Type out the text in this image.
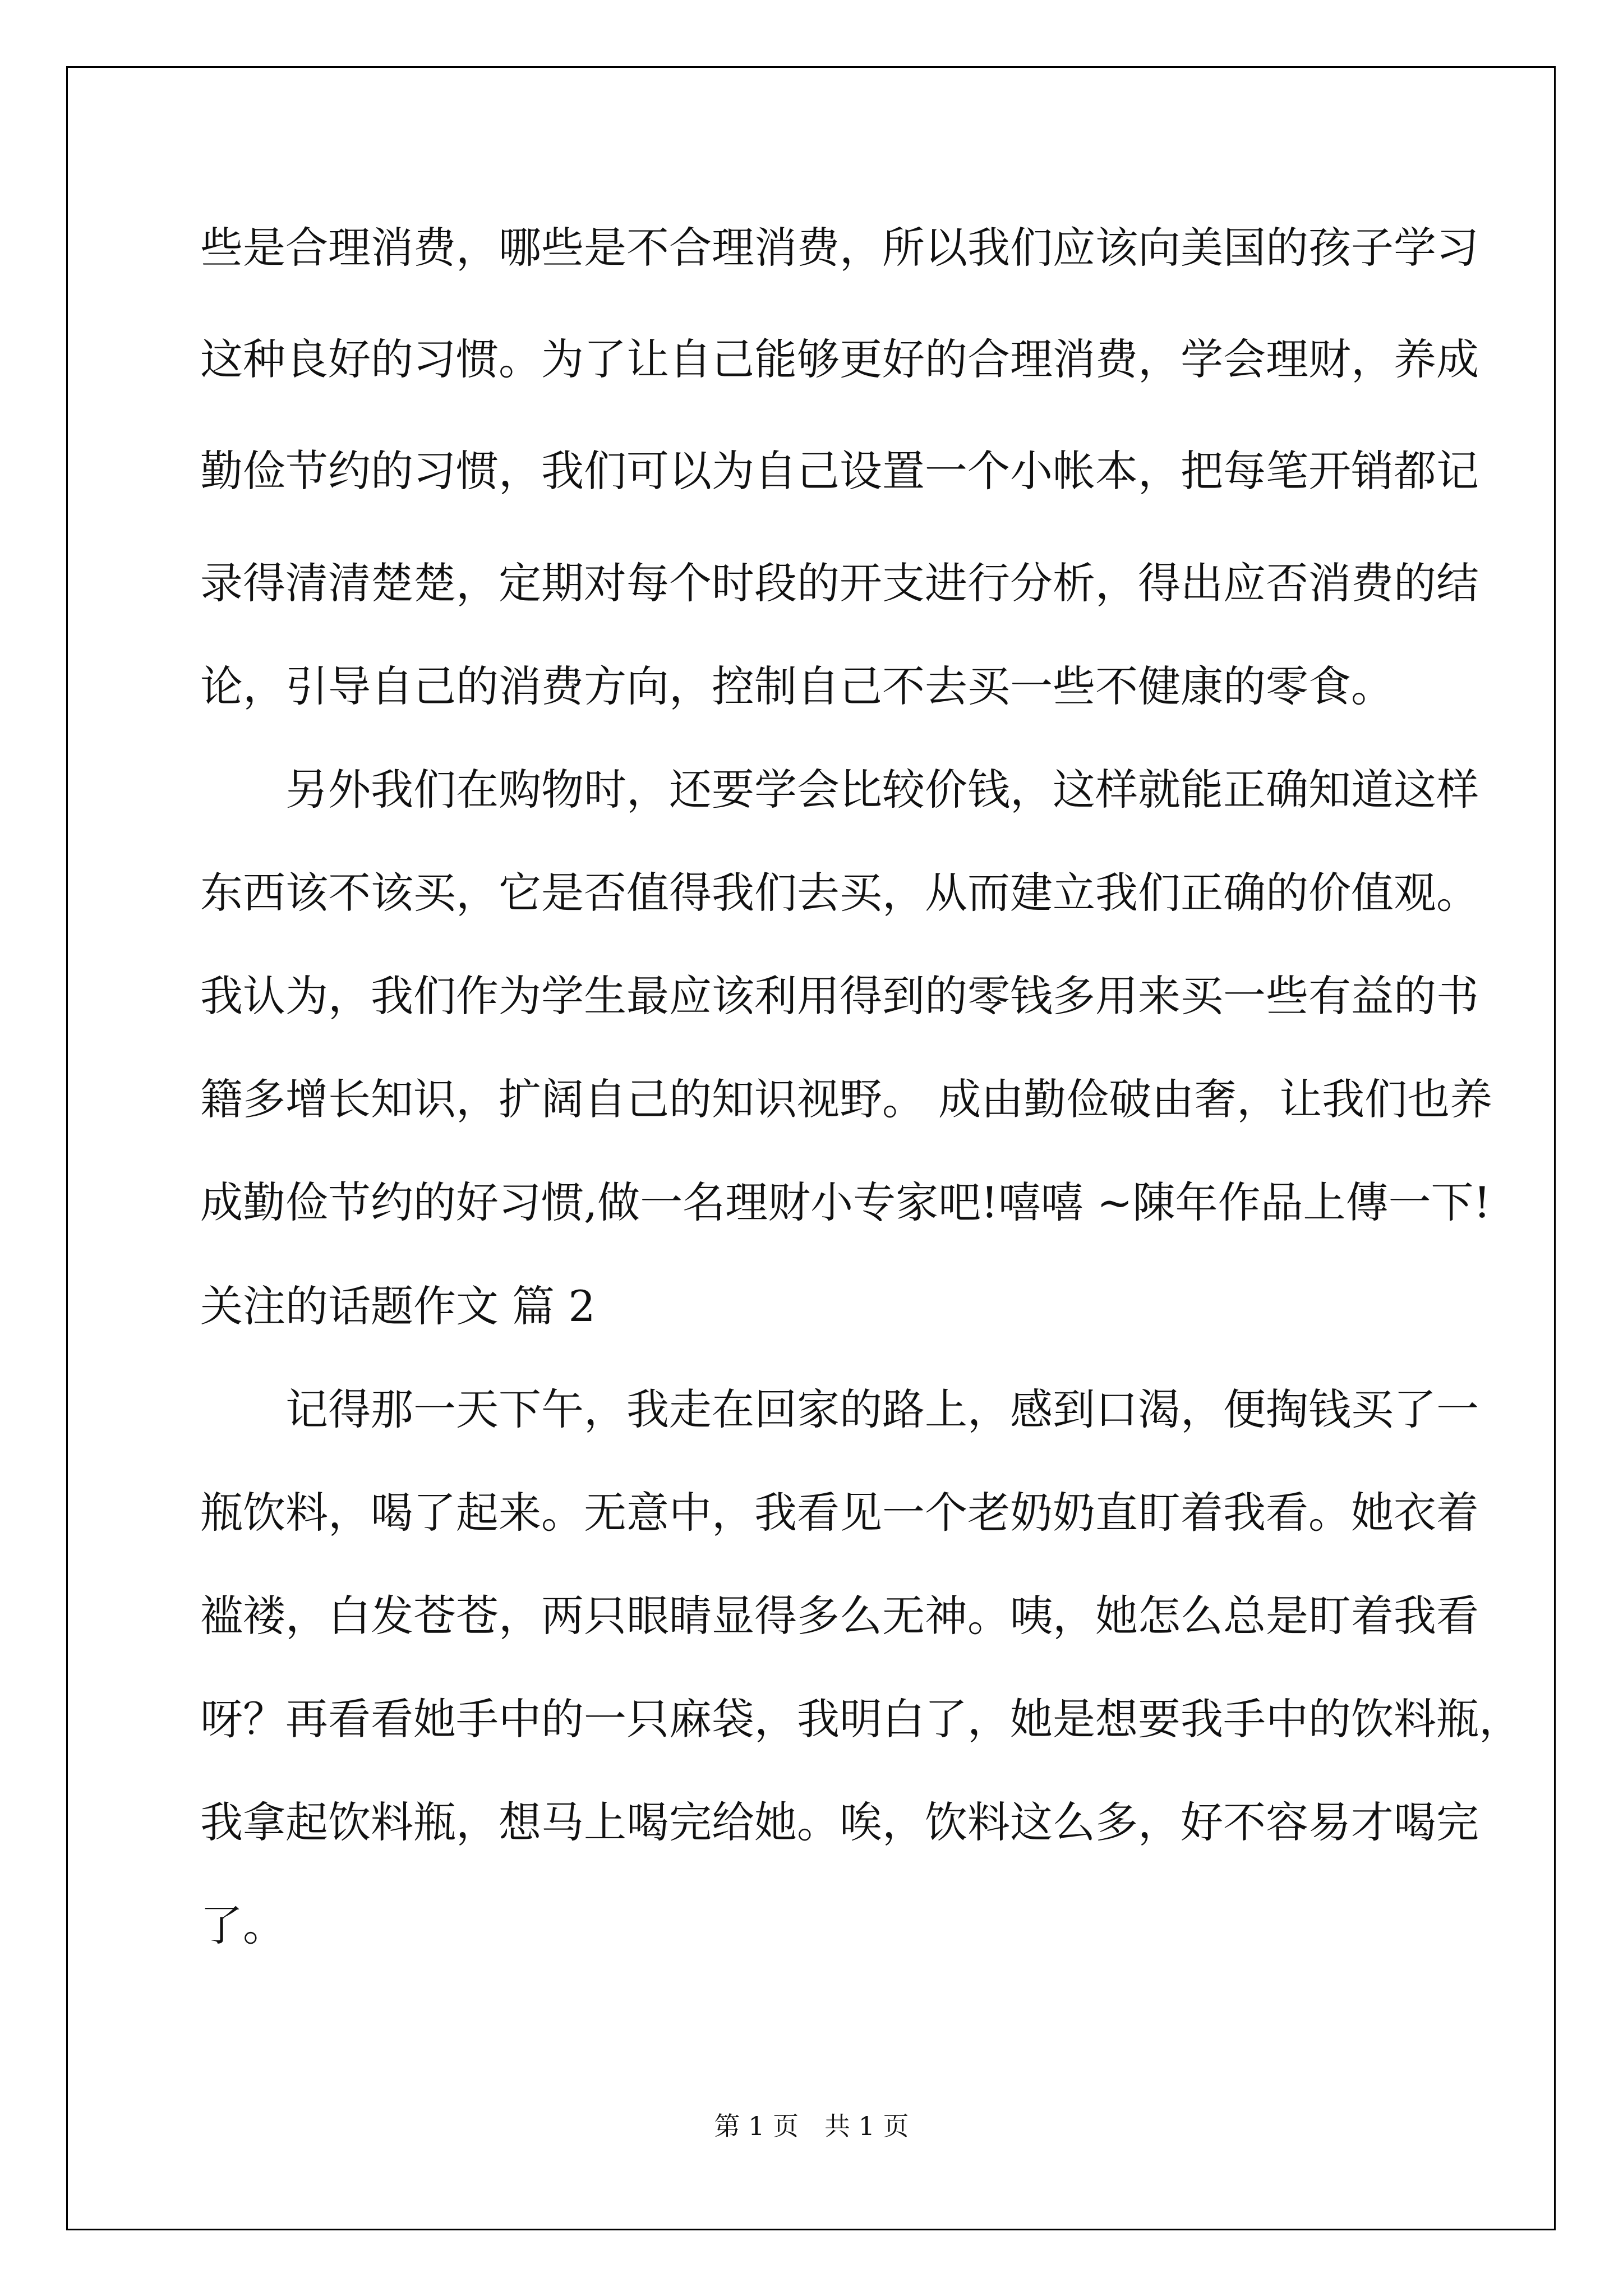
些是合理消费，哪些是不合理消费，所以我们应该向美国的孩子学习

这种良好的习惯。为了让自己能够更好的合理消费，学会理财，养成

勤俭节约的习惯，我们可以为自己设置一个小帐本，把每笔开销都记

录得清清楚楚，定期对每个时段的开支进行分析，得出应否消费的结

论，引导自己的消费方向，控制自己不去买一些不健康的零食。

　　另外我们在购物时，还要学会比较价钱，这样就能正确知道这样

东西该不该买，它是否值得我们去买，从而建立我们正确的价值观。

我认为，我们作为学生最应该利用得到的零钱多用来买一些有益的书

籍多增长知识，扩阔自己的知识视野。 成由勤俭破由奢，让我们也养

成勤俭节约的好习惯,做一名理财小专家吧!嘻嘻 ~陳年作品上傳一下!

关注的话题作文 篇 2

　　记得那一天下午，我走在回家的路上，感到口渴，便掏钱买了一

瓶饮料，喝了起来。无意中，我看见一个老奶奶直盯着我看。她衣着

褴褛，白发苍苍，两只眼睛显得多么无神。咦，她怎么总是盯着我看

呀？再看看她手中的一只麻袋，我明白了，她是想要我手中的饮料瓶，

我拿起饮料瓶，想马上喝完给她。唉，饮料这么多，好不容易才喝完

了。

第 1 页　共 1 页
